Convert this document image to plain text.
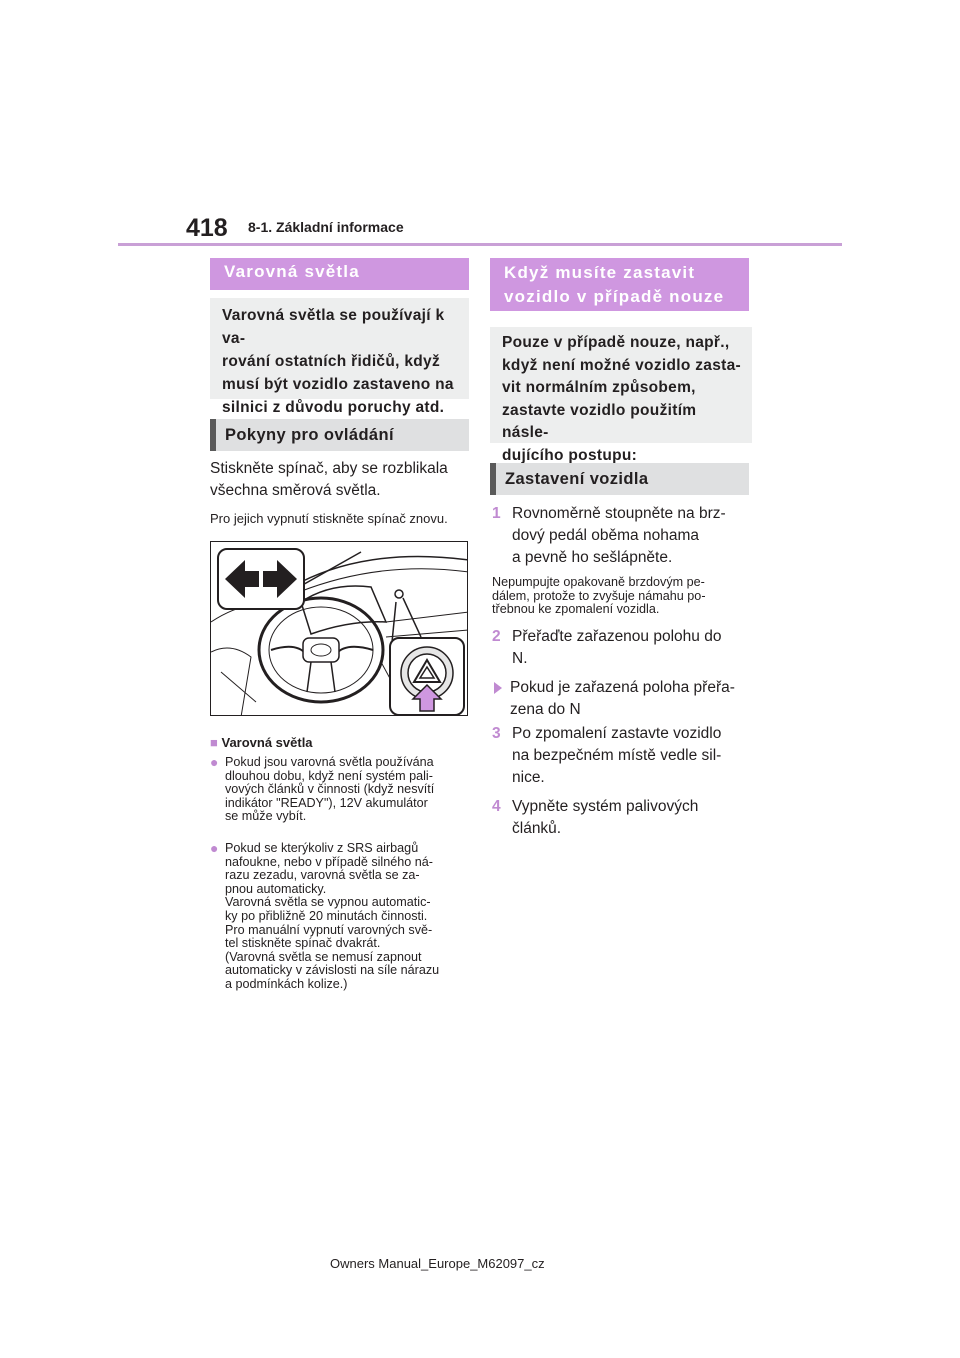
418 8-1. Základní informace
Varovná světla
Varovná světla se používají k va-
rování ostatních řidičů, když
musí být vozidlo zastaveno na
silnici z důvodu poruchy atd.
Pokyny pro ovládání
Stiskněte spínač, aby se rozblikala
všechna směrová světla.
Pro jejich vypnutí stiskněte spínač znovu.
■ Varovná světla
● Pokud jsou varovná světla používána
dlouhou dobu, když není systém pali-
vových článků v činnosti (když nesvítí
indikátor "READY"), 12V akumulátor
se může vybít.
● Pokud se kterýkoliv z SRS airbagů
nafoukne, nebo v případě silného ná-
razu zezadu, varovná světla se za-
pnou automaticky.
Varovná světla se vypnou automatic-
ky po přibližně 20 minutách činnosti.
Pro manuální vypnutí varovných svě-
tel stiskněte spínač dvakrát.
(Varovná světla se nemusí zapnout
automaticky v závislosti na síle nárazu
a podmínkách kolize.)
Když musíte zastavit
vozidlo v případě nouze
Pouze v případě nouze, např.,
když není možné vozidlo zasta-
vit normálním způsobem,
zastavte vozidlo použitím násle-
dujícího postupu:
Zastavení vozidla
1 Rovnoměrně stoupněte na brz-
dový pedál oběma nohama
a pevně ho sešlápněte.
Nepumpujte opakovaně brzdovým pe-
dálem, protože to zvyšuje námahu po-
třebnou ke zpomalení vozidla.
2 Přeřaďte zařazenou polohu do
N.
Pokud je zařazená poloha přeřa-
zena do N
3 Po zpomalení zastavte vozidlo
na bezpečném místě vedle sil-
nice.
4 Vypněte systém palivových
článků.
Owners Manual_Europe_M62097_cz
